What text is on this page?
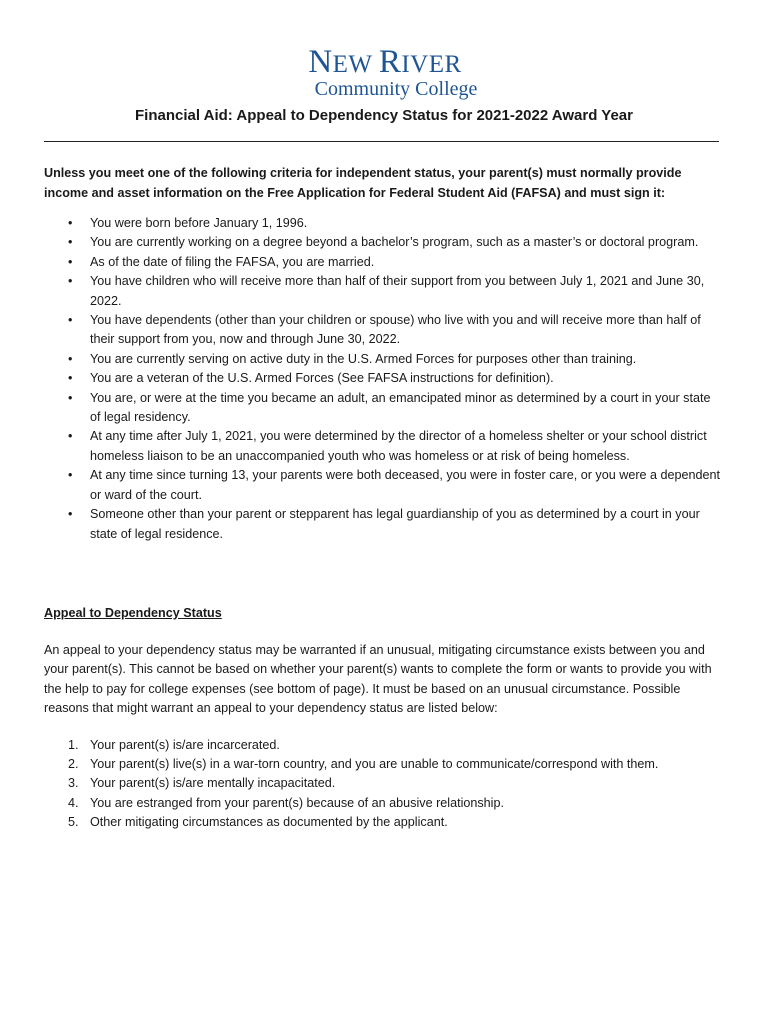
NEW RIVER
Community College
Financial Aid: Appeal to Dependency Status for 2021-2022 Award Year
Unless you meet one of the following criteria for independent status, your parent(s) must normally provide income and asset information on the Free Application for Federal Student Aid (FAFSA) and must sign it:
• You were born before January 1, 1996.
• You are currently working on a degree beyond a bachelor’s program, such as a master’s or doctoral program.
• As of the date of filing the FAFSA, you are married.
• You have children who will receive more than half of their support from you between July 1, 2021 and June 30, 2022.
• You have dependents (other than your children or spouse) who live with you and will receive more than half of their support from you, now and through June 30, 2022.
• You are currently serving on active duty in the U.S. Armed Forces for purposes other than training.
• You are a veteran of the U.S. Armed Forces (See FAFSA instructions for definition).
• You are, or were at the time you became an adult, an emancipated minor as determined by a court in your state of legal residency.
• At any time after July 1, 2021, you were determined by the director of a homeless shelter or your school district homeless liaison to be an unaccompanied youth who was homeless or at risk of being homeless.
• At any time since turning 13, your parents were both deceased, you were in foster care, or you were a dependent or ward of the court.
• Someone other than your parent or stepparent has legal guardianship of you as determined by a court in your state of legal residence.
Appeal to Dependency Status
An appeal to your dependency status may be warranted if an unusual, mitigating circumstance exists between you and your parent(s). This cannot be based on whether your parent(s) wants to complete the form or wants to provide you with the help to pay for college expenses (see bottom of page). It must be based on an unusual circumstance. Possible reasons that might warrant an appeal to your dependency status are listed below:
1. Your parent(s) is/are incarcerated.
2. Your parent(s) live(s) in a war-torn country, and you are unable to communicate/correspond with them.
3. Your parent(s) is/are mentally incapacitated.
4. You are estranged from your parent(s) because of an abusive relationship.
5. Other mitigating circumstances as documented by the applicant.
